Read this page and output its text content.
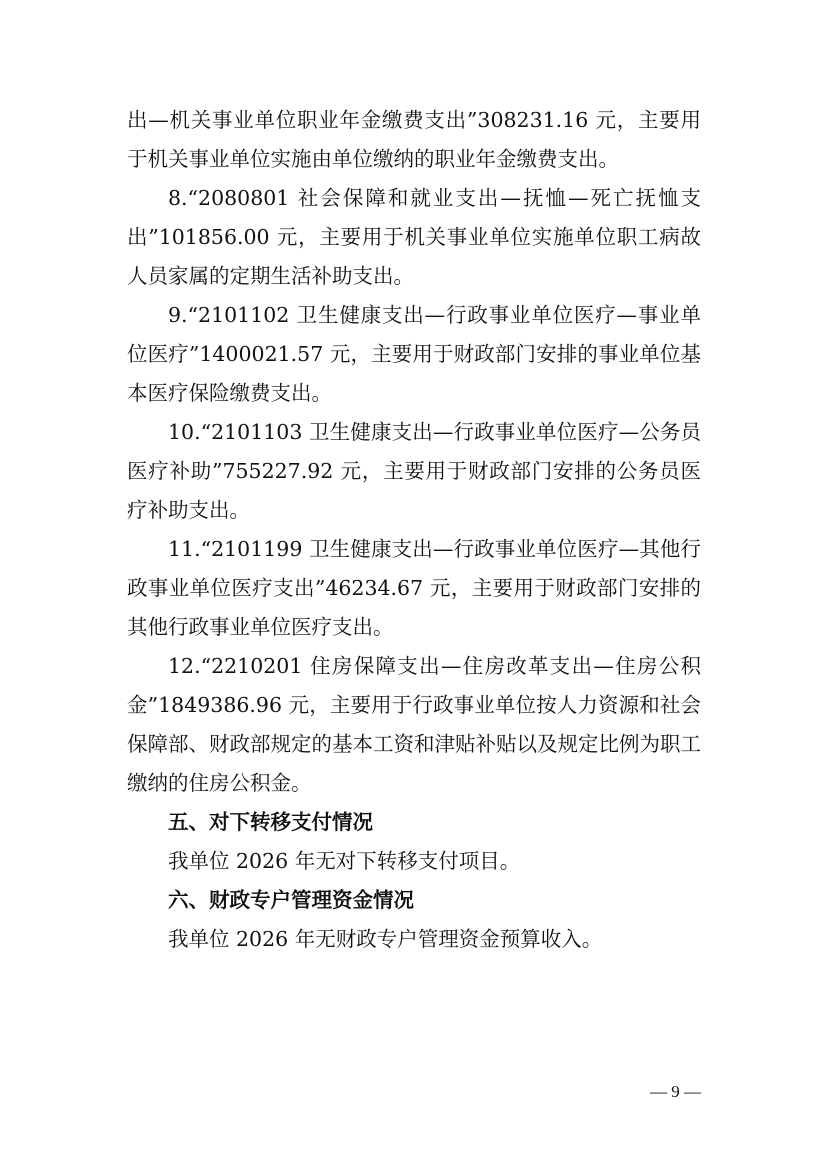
出—机关事业单位职业年金缴费支出”308231.16 元，主要用于机关事业单位实施由单位缴纳的职业年金缴费支出。

8.“2080801 社会保障和就业支出—抚恤—死亡抚恤支出”101856.00 元，主要用于机关事业单位实施单位职工病故人员家属的定期生活补助支出。

9.“2101102 卫生健康支出—行政事业单位医疗—事业单位医疗”1400021.57 元，主要用于财政部门安排的事业单位基本医疗保险缴费支出。

10.“2101103 卫生健康支出—行政事业单位医疗—公务员医疗补助”755227.92 元，主要用于财政部门安排的公务员医疗补助支出。

11.“2101199 卫生健康支出—行政事业单位医疗—其他行政事业单位医疗支出”46234.67 元，主要用于财政部门安排的其他行政事业单位医疗支出。

12.“2210201 住房保障支出—住房改革支出—住房公积金”1849386.96 元，主要用于行政事业单位按人力资源和社会保障部、财政部规定的基本工资和津贴补贴以及规定比例为职工缴纳的住房公积金。

五、对下转移支付情况

我单位 2026 年无对下转移支付项目。

六、财政专户管理资金情况

我单位 2026 年无财政专户管理资金预算收入。

— 9 —
